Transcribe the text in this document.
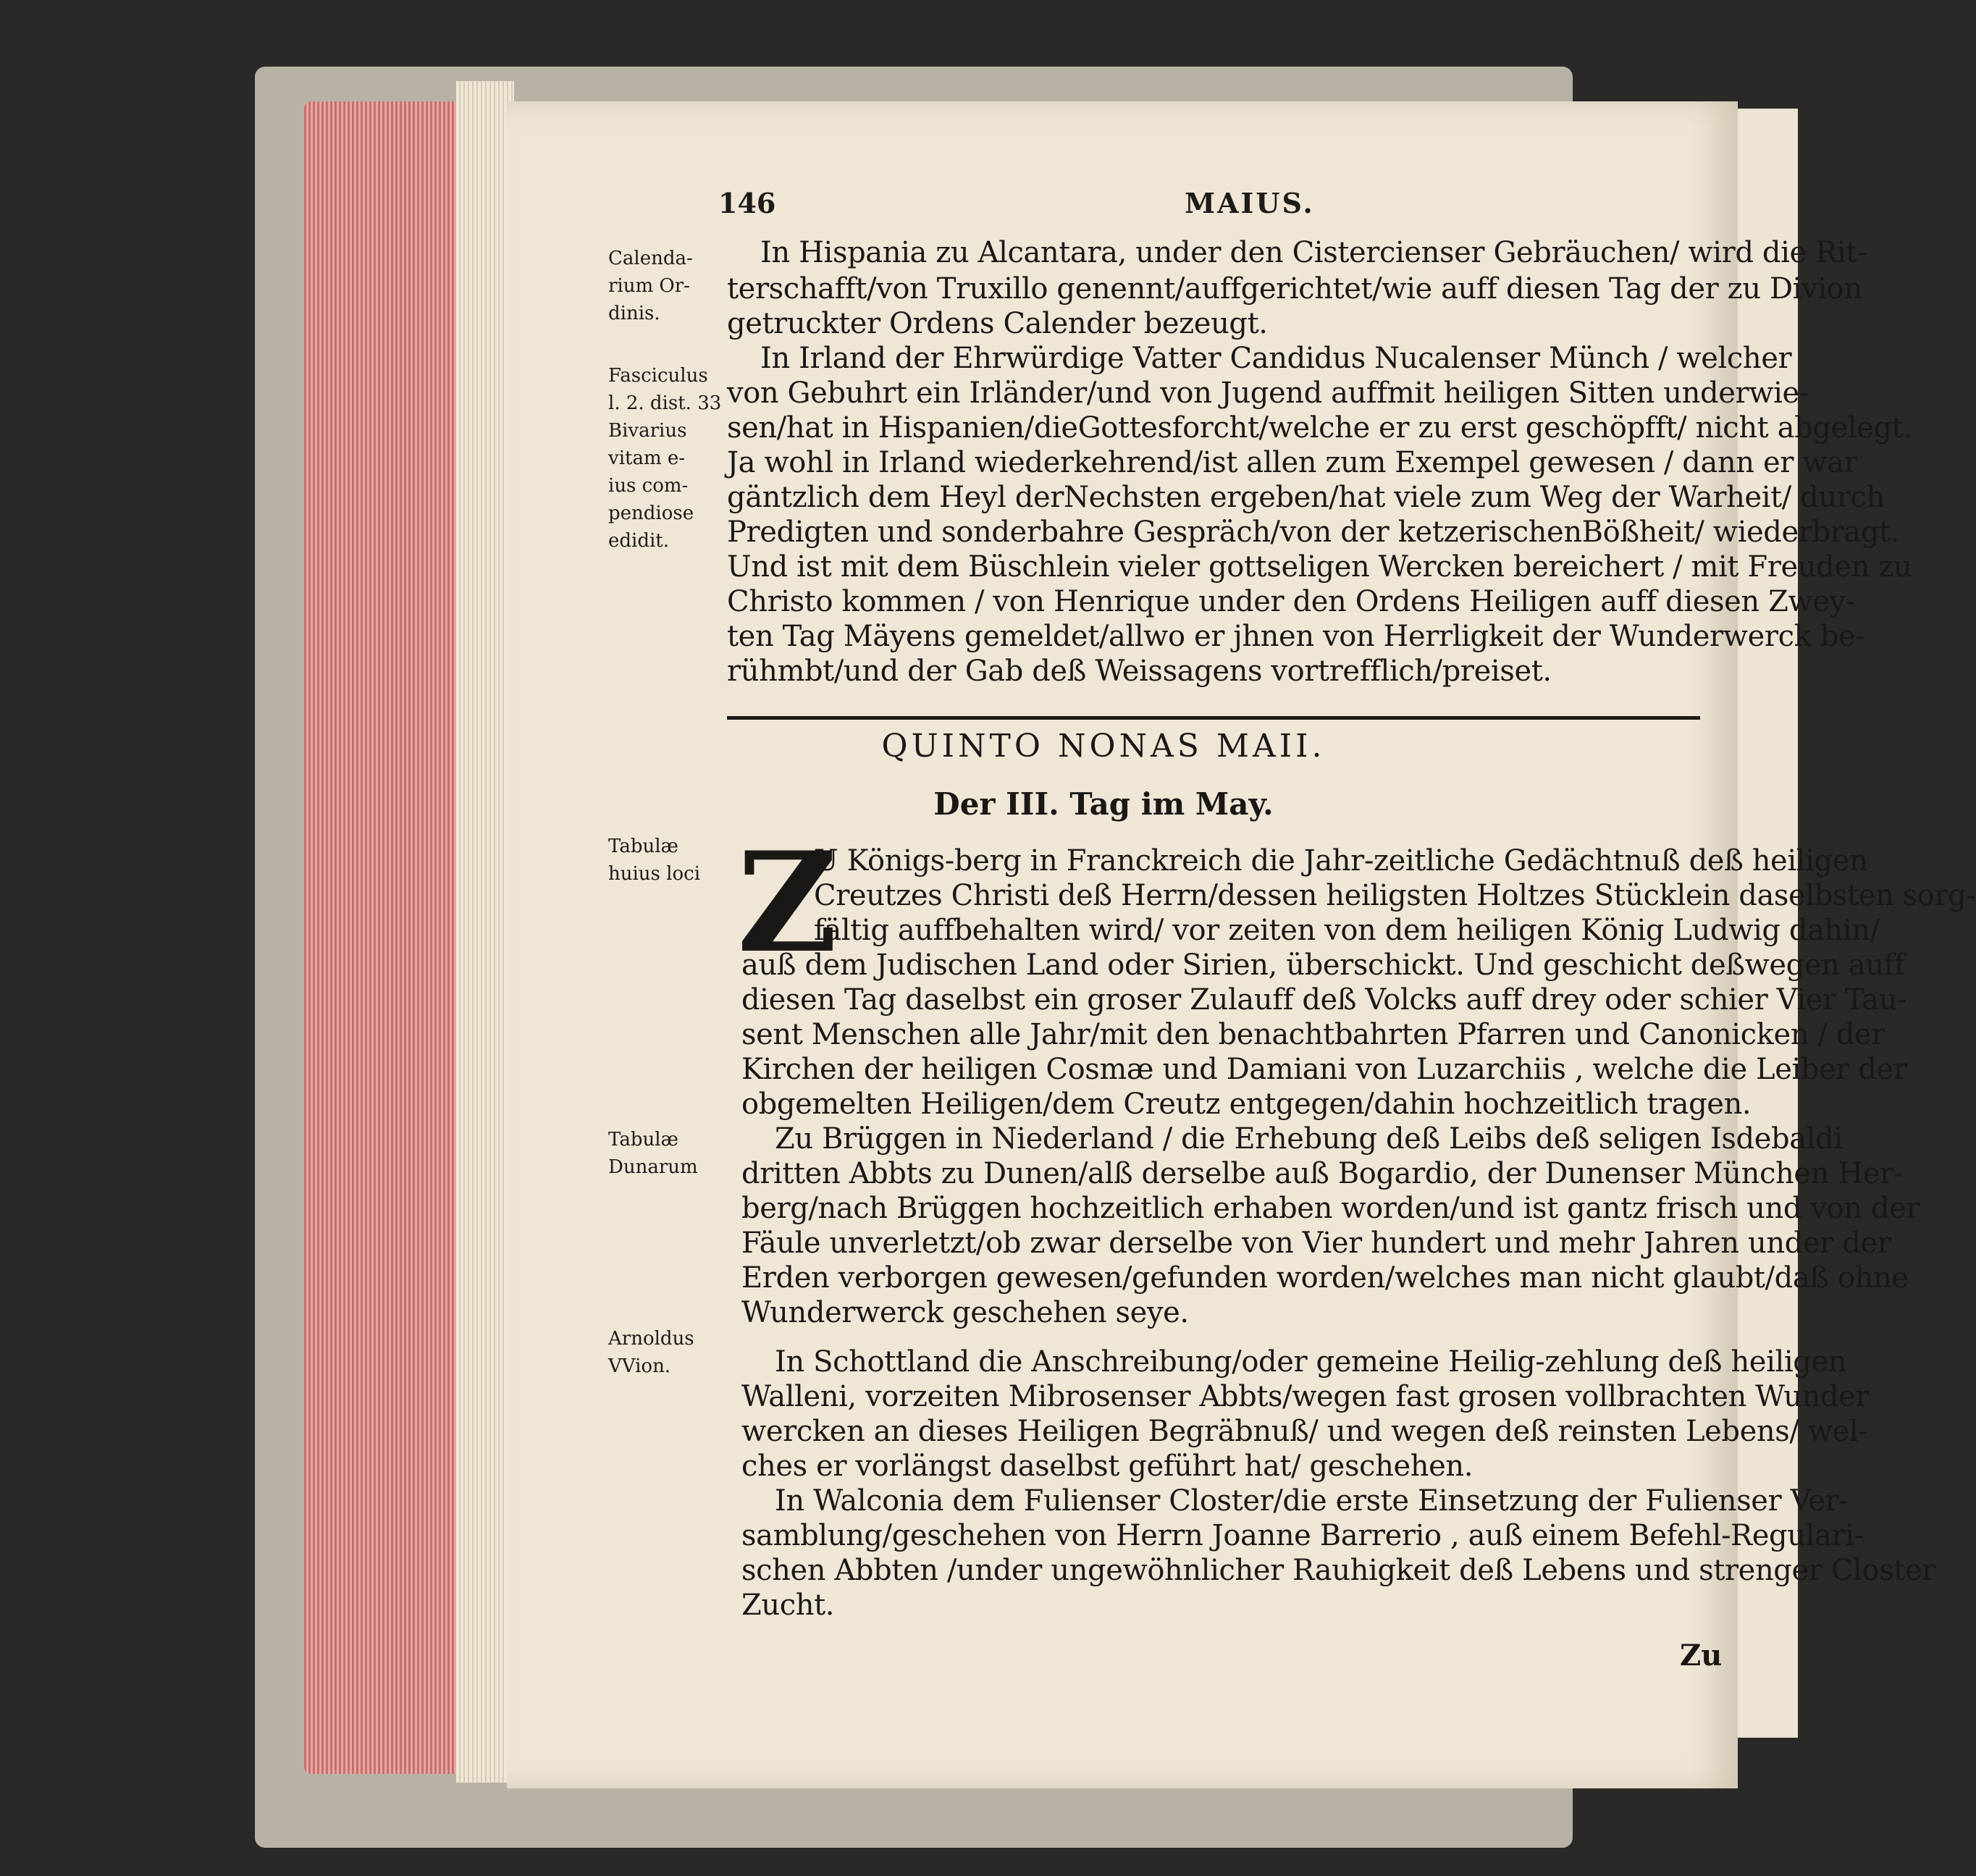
146	MAIUS.
Calenda-
rium Or-
dinis.
Fasciculus
l. 2. dist. 33
Bivarius
vitam e-
ius com-
pendiose
edidit.
Tabulæ
huius loci
Tabulæ
Dunarum
Arnoldus
VVion.
In Hispania zu Alcantara, under den Cistercienser Gebräuchen/ wird die Rit-
terschafft/von Truxillo genennt/auffgerichtet/wie auff diesen Tag der zu Divion
getruckter Ordens Calender bezeugt.
In Irland der Ehrwürdige Vatter Candidus Nucalenser Münch / welcher
von Gebuhrt ein Irländer/und von Jugend auffmit heiligen Sitten underwie-
sen/hat in Hispanien/dieGottesforcht/welche er zu erst geschöpfft/ nicht abgelegt.
Ja wohl in Irland wiederkehrend/ist allen zum Exempel gewesen / dann er war
gäntzlich dem Heyl derNechsten ergeben/hat viele zum Weg der Warheit/ durch
Predigten und sonderbahre Gespräch/von der ketzerischenBößheit/ wiederbragt.
Und ist mit dem Büschlein vieler gottseligen Wercken bereichert / mit Freuden zu
Christo kommen / von Henrique under den Ordens Heiligen auff diesen Zwey-
ten Tag Mäyens gemeldet/allwo er jhnen von Herrligkeit der Wunderwerck be-
rühmbt/und der Gab deß Weissagens vortrefflich/preiset.
QUINTO NONAS MAII.
Der III. Tag im May.
Z
U Königs-berg in Franckreich die Jahr-zeitliche Gedächtnuß deß heiligen
Creutzes Christi deß Herrn/dessen heiligsten Holtzes Stücklein daselbsten sorg-
fältig auffbehalten wird/ vor zeiten von dem heiligen König Ludwig dahin/
auß dem Judischen Land oder Sirien, überschickt. Und geschicht deßwegen auff
diesen Tag daselbst ein groser Zulauff deß Volcks auff drey oder schier Vier Tau-
sent Menschen alle Jahr/mit den benachtbahrten Pfarren und Canonicken / der
Kirchen der heiligen Cosmæ und Damiani von Luzarchiis , welche die Leiber der
obgemelten Heiligen/dem Creutz entgegen/dahin hochzeitlich tragen.
Zu Brüggen in Niederland / die Erhebung deß Leibs deß seligen Isdebaldi
dritten Abbts zu Dunen/alß derselbe auß Bogardio, der Dunenser München Her-
berg/nach Brüggen hochzeitlich erhaben worden/und ist gantz frisch und von der
Fäule unverletzt/ob zwar derselbe von Vier hundert und mehr Jahren under der
Erden verborgen gewesen/gefunden worden/welches man nicht glaubt/daß ohne
Wunderwerck geschehen seye.
In Schottland die Anschreibung/oder gemeine Heilig-zehlung deß heiligen
Walleni, vorzeiten Mibrosenser Abbts/wegen fast grosen vollbrachten Wunder
wercken an dieses Heiligen Begräbnuß/ und wegen deß reinsten Lebens/ wel-
ches er vorlängst daselbst geführt hat/ geschehen.
In Walconia dem Fulienser Closter/die erste Einsetzung der Fulienser Ver-
samblung/geschehen von Herrn Joanne Barrerio , auß einem Befehl-Regulari-
schen Abbten /under ungewöhnlicher Rauhigkeit deß Lebens und strenger Closter
Zucht.
Zu
